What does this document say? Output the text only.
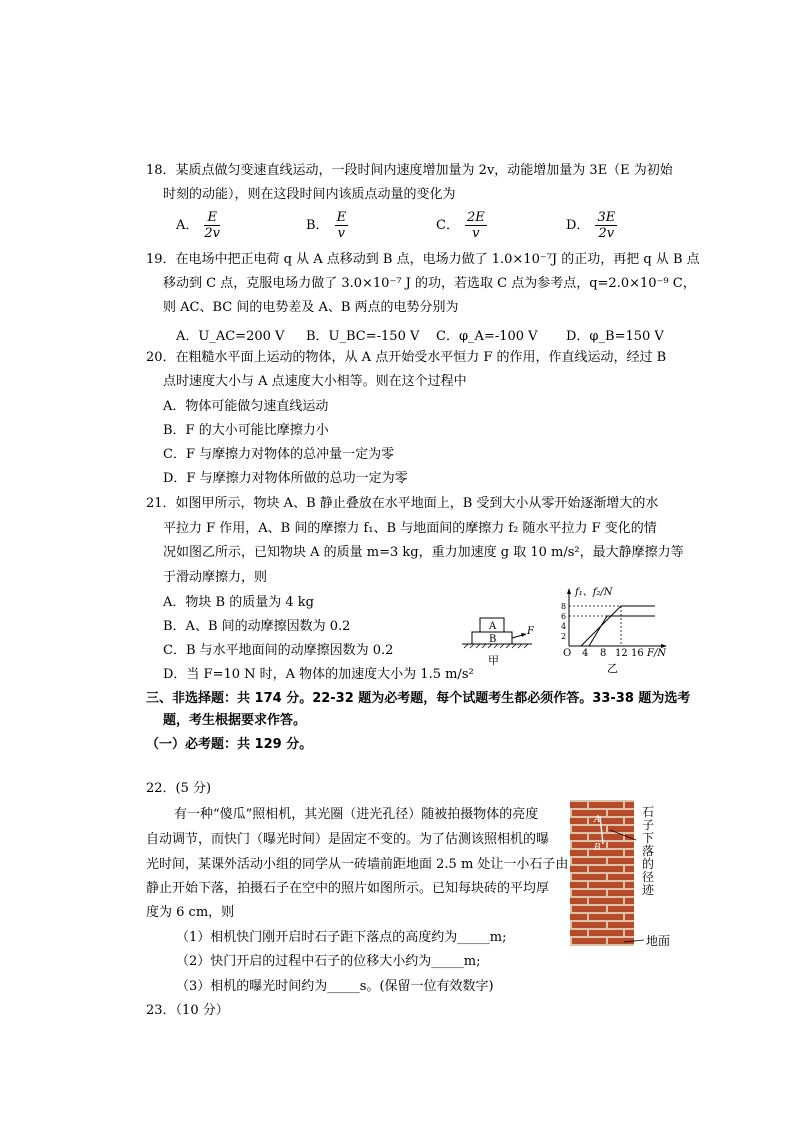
18．某质点做匀变速直线运动，一段时间内速度增加量为 2v，动能增加量为 3E（E 为初始
时刻的动能），则在这段时间内该质点动量的变化为
A． $\frac{E}{2v}$	B． $\frac{E}{v}$	C． $\frac{2E}{v}$	D． $\frac{3E}{2v}$
19．在电场中把正电荷 q 从 A 点移动到 B 点，电场力做了 1.0×10⁻⁷J 的正功，再把 q 从 B 点
移动到 C 点，克服电场力做了 3.0×10⁻⁷ J 的功，若选取 C 点为参考点，q=2.0×10⁻⁹ C，
则 AC、BC 间的电势差及 A、B 两点的电势分别为
A．U_AC=200 V B．U_BC=-150 V C．φ_A=-100 V D．φ_B=150 V
20．在粗糙水平面上运动的物体，从 A 点开始受水平恒力 F 的作用，作直线运动，经过 B
点时速度大小与 A 点速度大小相等。则在这个过程中
A．物体可能做匀速直线运动
B．F 的大小可能比摩擦力小
C．F 与摩擦力对物体的总冲量一定为零
D．F 与摩擦力对物体所做的总功一定为零
21．如图甲所示，物块 A、B 静止叠放在水平地面上，B 受到大小从零开始逐渐增大的水
平拉力 F 作用，A、B 间的摩擦力 f₁、B 与地面间的摩擦力 f₂ 随水平拉力 F 变化的情
况如图乙所示，已知物块 A 的质量 m=3 kg，重力加速度 g 取 10 m/s²，最大静摩擦力等
于滑动摩擦力，则
A．物块 B 的质量为 4 kg
B．A、B 间的动摩擦因数为 0.2
C．B 与水平地面间的动摩擦因数为 0.2
D．当 F=10 N 时，A 物体的加速度大小为 1.5 m/s²
A
B
F
甲
f₁、f₂/N
F/N
O 4 8 12 16
2
4
6
8
乙
三、非选择题：共 174 分。22-32 题为必考题，每个试题考生都必须作答。33-38 题为选考
题，考生根据要求作答。
（一）必考题：共 129 分。
22．(5 分)
有一种“傻瓜”照相机，其光圈（进光孔径）随被拍摄物体的亮度
自动调节，而快门（曝光时间）是固定不变的。为了估测该照相机的曝
光时间，某课外活动小组的同学从一砖墙前距地面 2.5 m 处让一小石子由
静止开始下落，拍摄石子在空中的照片如图所示。已知每块砖的平均厚
度为 6 cm，则
（1）相机快门刚开启时石子距下落点的高度约为_____m;
（2）快门开启的过程中石子的位移大小约为_____m;
（3）相机的曝光时间约为_____s。(保留一位有效数字)
A
B
石子下落的径迹
地面
23．（10 分）
